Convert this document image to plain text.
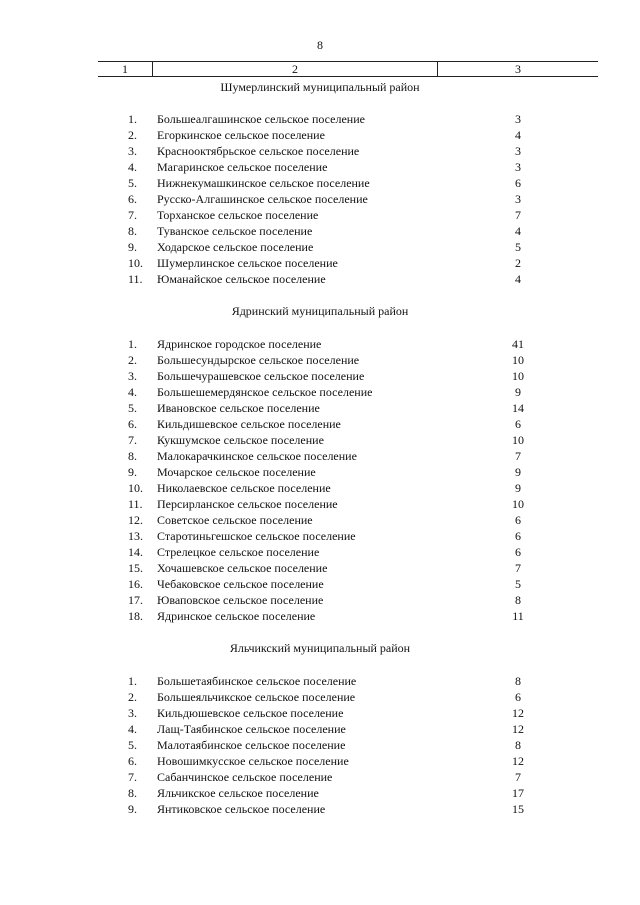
8
1	2	3
Шумерлинский муниципальный район
1. Большеалгашинское сельское поселение	3
2. Егоркинское сельское поселение	4
3. Краснооктябрьское сельское поселение	3
4. Магаринское сельское поселение	3
5. Нижнекумашкинское сельское поселение	6
6. Русско-Алгашинское сельское поселение	3
7. Торханское сельское поселение	7
8. Туванское сельское поселение	4
9. Ходарское сельское поселение	5
10. Шумерлинское сельское поселение	2
11. Юманайское сельское поселение	4
Ядринский муниципальный район
1. Ядринское городское поселение	41
2. Большесундырское сельское поселение	10
3. Большечурашевское сельское поселение	10
4. Большешемердянское сельское поселение	9
5. Ивановское сельское поселение	14
6. Кильдишевское сельское поселение	6
7. Кукшумское сельское поселение	10
8. Малокарачкинское сельское поселение	7
9. Мочарское сельское поселение	9
10. Николаевское сельское поселение	9
11. Персирланское сельское поселение	10
12. Советское сельское поселение	6
13. Старотиньгешское сельское поселение	6
14. Стрелецкое сельское поселение	6
15. Хочашевское сельское поселение	7
16. Чебаковское сельское поселение	5
17. Юваповское сельское поселение	8
18. Ядринское сельское поселение	11
Яльчикский муниципальный район
1. Большетаябинское сельское поселение	8
2. Большеяльчикское сельское поселение	6
3. Кильдюшевское сельское поселение	12
4. Лащ-Таябинское сельское поселение	12
5. Малотаябинское сельское поселение	8
6. Новошимкусское сельское поселение	12
7. Сабанчинское сельское поселение	7
8. Яльчикское сельское поселение	17
9. Янтиковское сельское поселение	15
